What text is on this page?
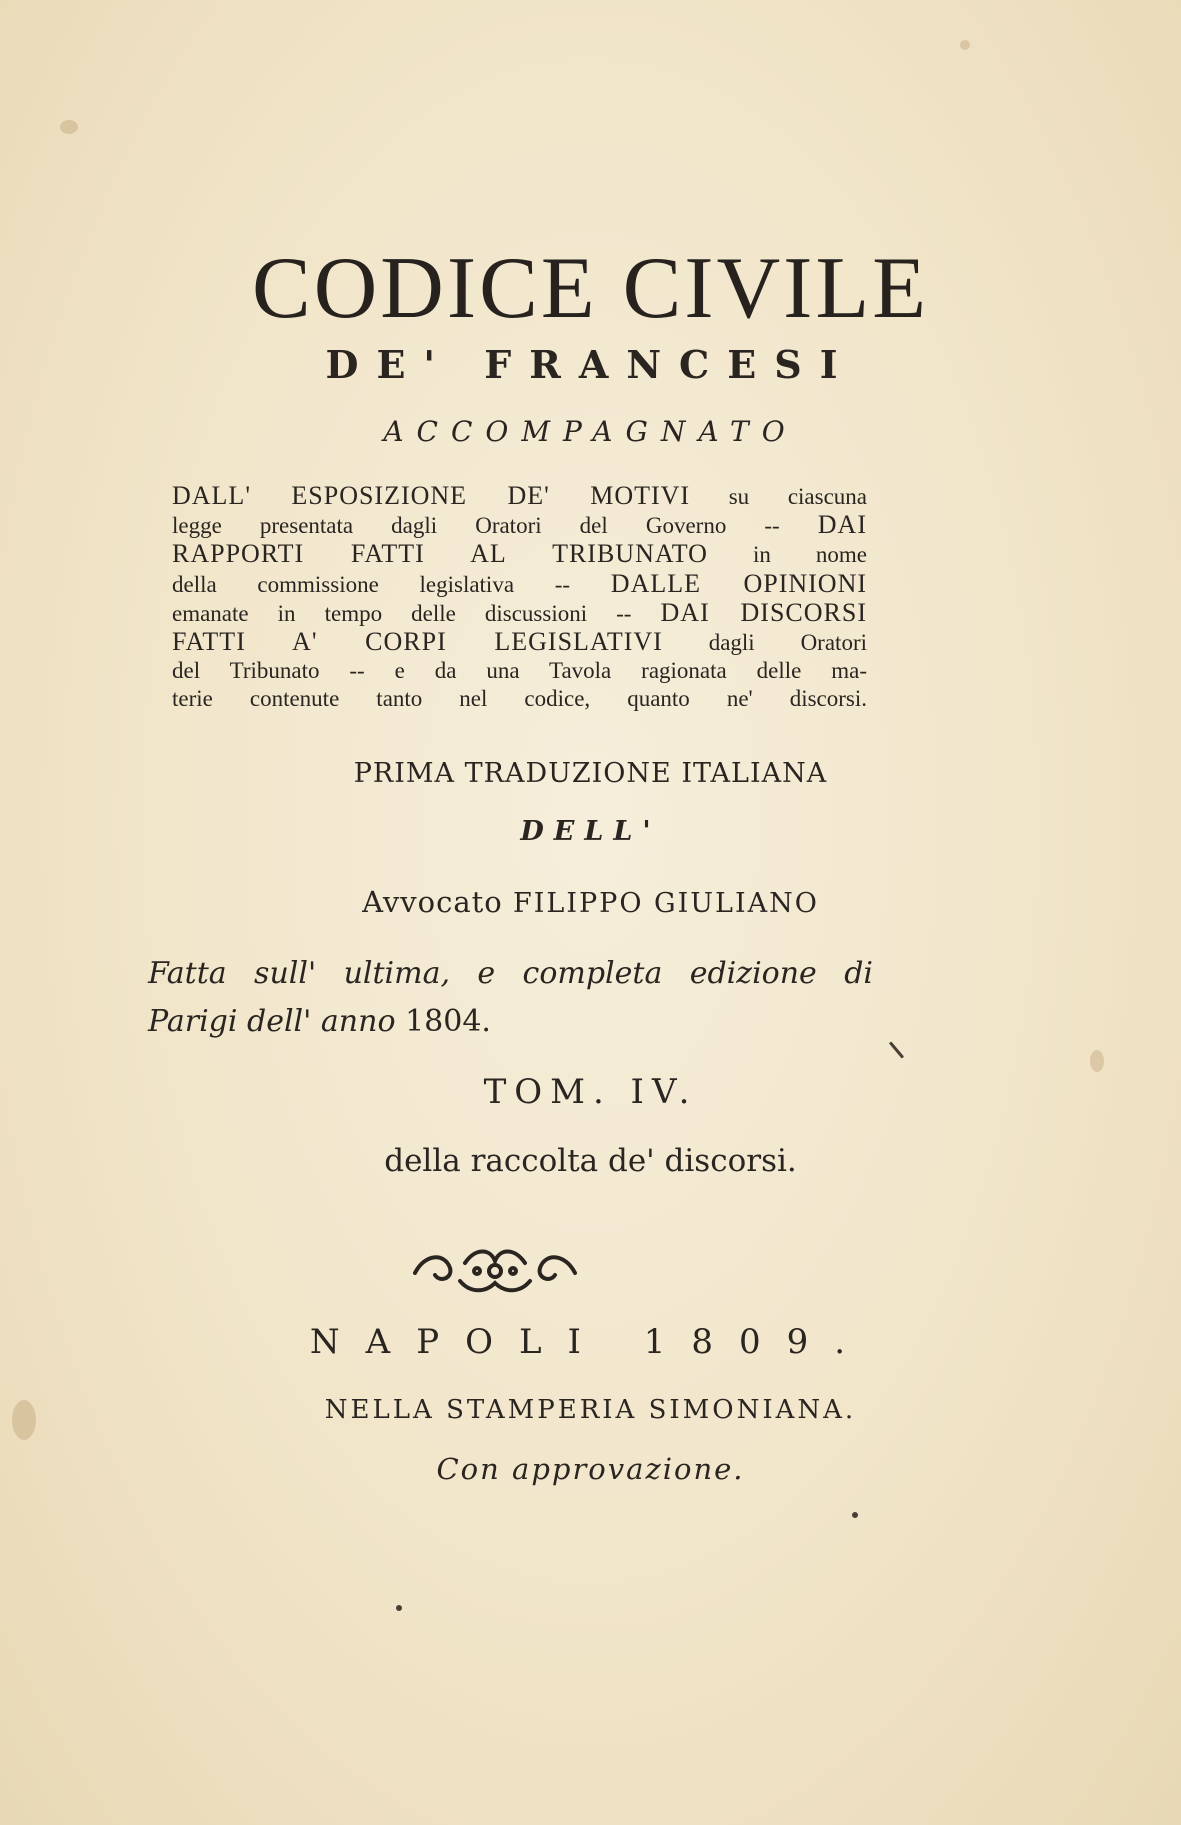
CODICE CIVILE
DE' FRANCESI
ACCOMPAGNATO
DALL' ESPOSIZIONE DE' MOTIVI su ciascuna
legge presentata dagli Oratori del Governo -- DAI
RAPPORTI FATTI AL TRIBUNATO in nome
della commissione legislativa -- DALLE OPINIONI
emanate in tempo delle discussioni -- DAI DISCORSI
FATTI A' CORPI LEGISLATIVI dagli Oratori
del Tribunato -- e da una Tavola ragionata delle ma-
terie contenute tanto nel codice, quanto ne' discorsi.
PRIMA TRADUZIONE ITALIANA
DELL'
Avvocato FILIPPO GIULIANO
Fatta sull' ultima, e completa edizione di
Parigi dell' anno 1804.
TOM. IV.
della raccolta de' discorsi.
NAPOLI 1809.
NELLA STAMPERIA SIMONIANA.
Con approvazione.
